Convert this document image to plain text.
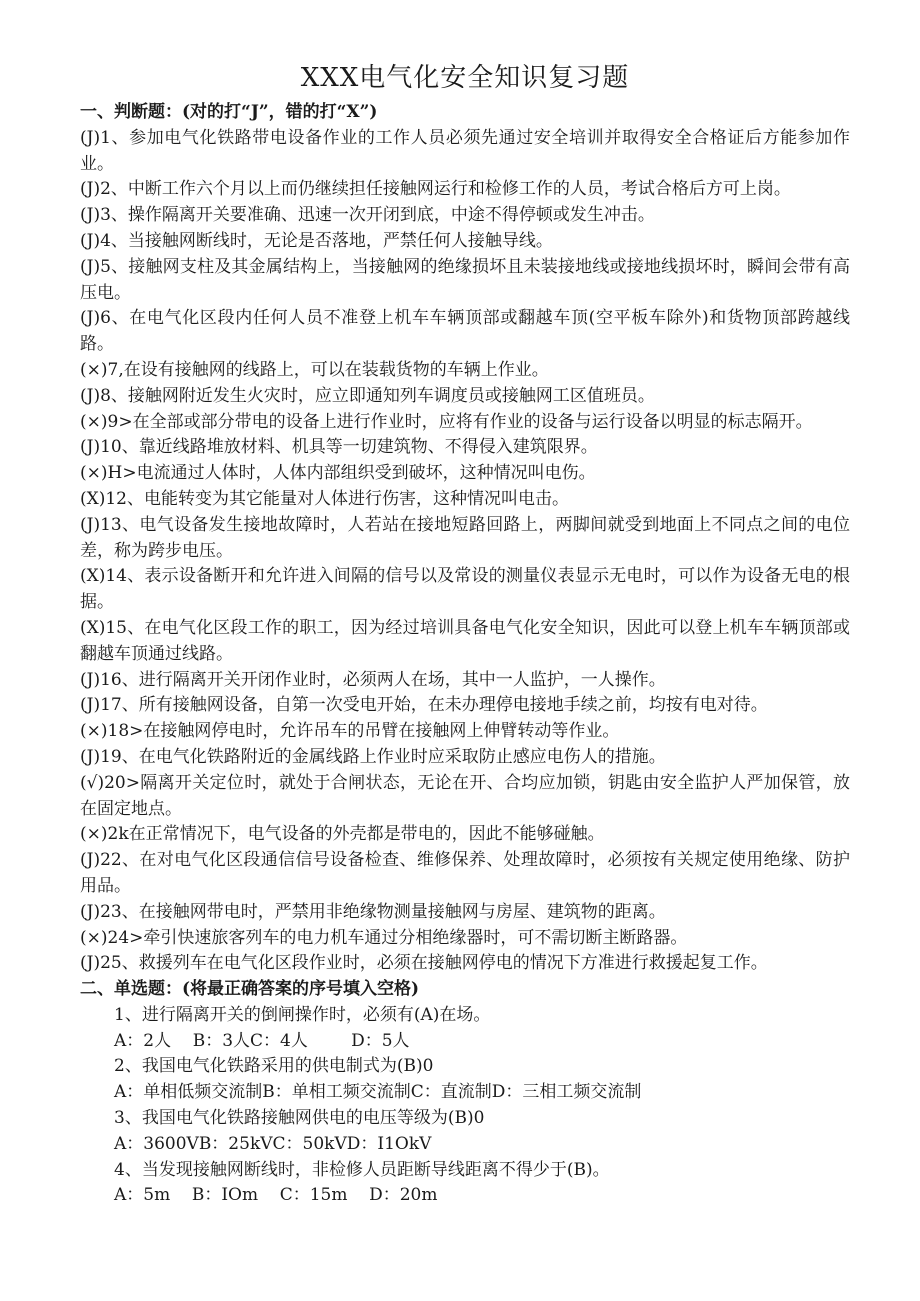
XXX电气化安全知识复习题

一、判断题：(对的打“J”，错的打“X”)

(J)1、参加电气化铁路带电设备作业的工作人员必须先通过安全培训并取得安全合格证后方能参加作业。

(J)2、中断工作六个月以上而仍继续担任接触网运行和检修工作的人员，考试合格后方可上岗。

(J)3、操作隔离开关要准确、迅速一次开闭到底，中途不得停顿或发生冲击。

(J)4、当接触网断线时，无论是否落地，严禁任何人接触导线。

(J)5、接触网支柱及其金属结构上，当接触网的绝缘损坏且未装接地线或接地线损坏时，瞬间会带有高压电。

(J)6、在电气化区段内任何人员不准登上机车车辆顶部或翻越车顶(空平板车除外)和货物顶部跨越线路。

(×)7,在设有接触网的线路上，可以在装载货物的车辆上作业。

(J)8、接触网附近发生火灾时，应立即通知列车调度员或接触网工区值班员。

(×)9>在全部或部分带电的设备上进行作业时，应将有作业的设备与运行设备以明显的标志隔开。

(J)10、靠近线路堆放材料、机具等一切建筑物、不得侵入建筑限界。

(×)H>电流通过人体时，人体内部组织受到破坏，这种情况叫电伤。

(X)12、电能转变为其它能量对人体进行伤害，这种情况叫电击。

(J)13、电气设备发生接地故障时，人若站在接地短路回路上，两脚间就受到地面上不同点之间的电位差，称为跨步电压。

(X)14、表示设备断开和允许进入间隔的信号以及常设的测量仪表显示无电时，可以作为设备无电的根据。

(X)15、在电气化区段工作的职工，因为经过培训具备电气化安全知识，因此可以登上机车车辆顶部或翻越车顶通过线路。

(J)16、进行隔离开关开闭作业时，必须两人在场，其中一人监护，一人操作。

(J)17、所有接触网设备，自第一次受电开始，在未办理停电接地手续之前，均按有电对待。

(×)18>在接触网停电时，允许吊车的吊臂在接触网上伸臂转动等作业。

(J)19、在电气化铁路附近的金属线路上作业时应采取防止感应电伤人的措施。

(√)20>隔离开关定位时，就处于合闸状态，无论在开、合均应加锁，钥匙由安全监护人严加保管，放在固定地点。

(×)2k在正常情况下，电气设备的外壳都是带电的，因此不能够碰触。

(J)22、在对电气化区段通信信号设备检查、维修保养、处理故障时，必须按有关规定使用绝缘、防护用品。

(J)23、在接触网带电时，严禁用非绝缘物测量接触网与房屋、建筑物的距离。

(×)24>牵引快速旅客列车的电力机车通过分相绝缘器时，可不需切断主断路器。

(J)25、救援列车在电气化区段作业时，必须在接触网停电的情况下方准进行救援起复工作。

二、单选题：(将最正确答案的序号填入空格)

1、进行隔离开关的倒闸操作时，必须有(A)在场。

A：2人    B：3人C：4人        D：5人

2、我国电气化铁路采用的供电制式为(B)0

A：单相低频交流制B：单相工频交流制C：直流制D：三相工频交流制

3、我国电气化铁路接触网供电的电压等级为(B)0

A：3600VB：25kVC：50kVD：I1OkV

4、当发现接触网断线时，非检修人员距断导线距离不得少于(B)。

A：5m    B：IOm    C：15m    D：20m
